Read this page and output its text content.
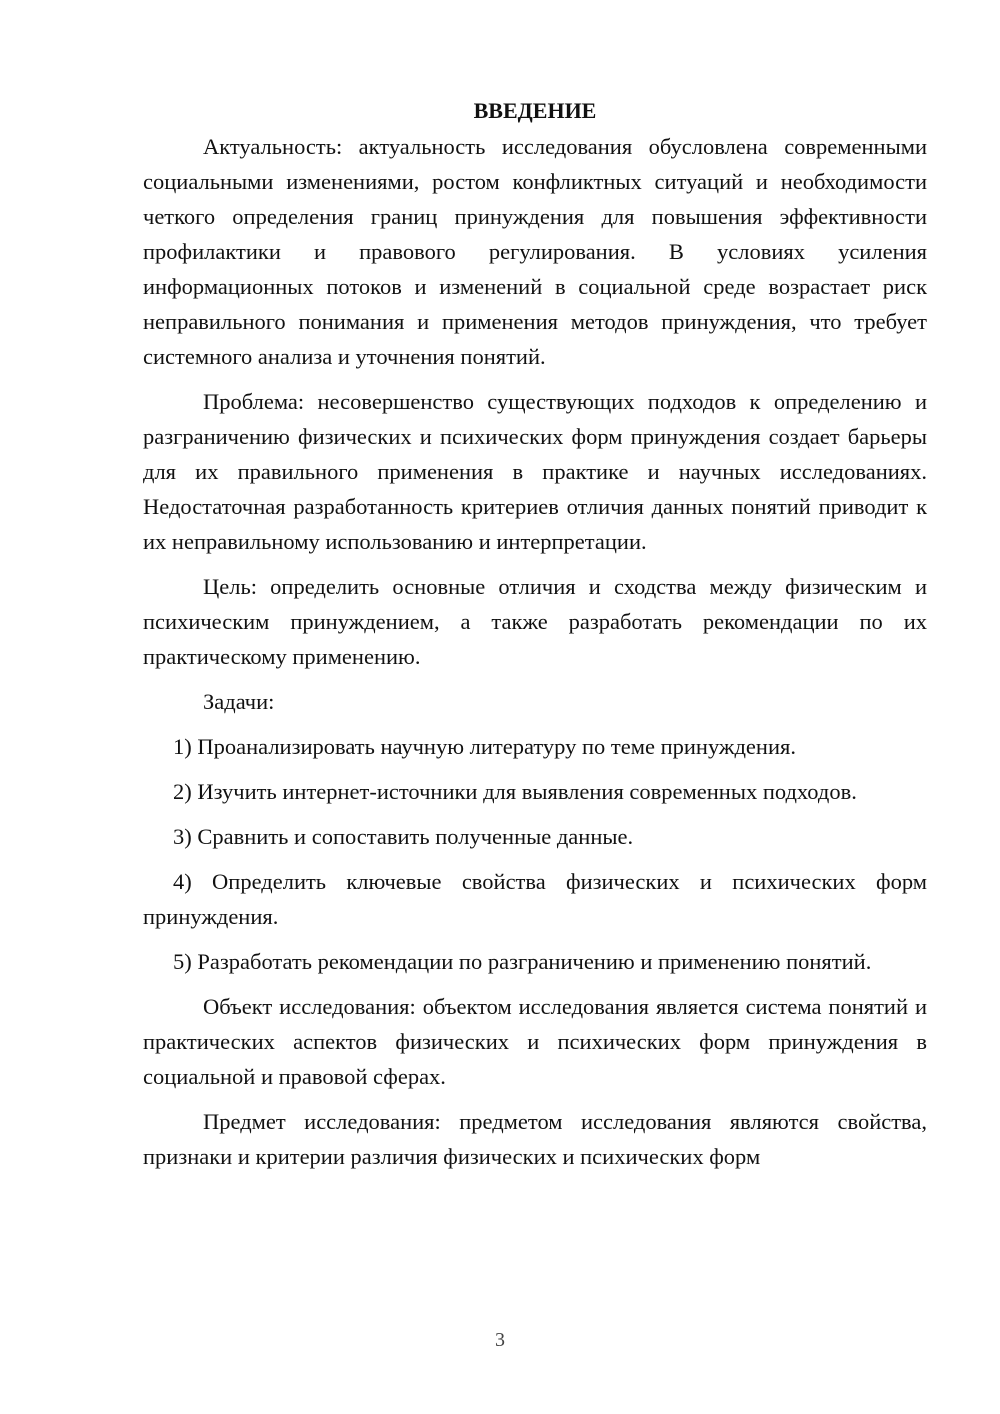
ВВЕДЕНИЕ

Актуальность: актуальность исследования обусловлена современными социальными изменениями, ростом конфликтных ситуаций и необходимости четкого определения границ принуждения для повышения эффективности профилактики и правового регулирования. В условиях усиления информационных потоков и изменений в социальной среде возрастает риск неправильного понимания и применения методов принуждения, что требует системного анализа и уточнения понятий.

Проблема: несовершенство существующих подходов к определению и разграничению физических и психических форм принуждения создает барьеры для их правильного применения в практике и научных исследованиях. Недостаточная разработанность критериев отличия данных понятий приводит к их неправильному использованию и интерпретации.

Цель: определить основные отличия и сходства между физическим и психическим принуждением, а также разработать рекомендации по их практическому применению.

Задачи:

1) Проанализировать научную литературу по теме принуждения.

2) Изучить интернет-источники для выявления современных подходов.

3) Сравнить и сопоставить полученные данные.

4) Определить ключевые свойства физических и психических форм принуждения.

5) Разработать рекомендации по разграничению и применению понятий.

Объект исследования: объектом исследования является система понятий и практических аспектов физических и психических форм принуждения в социальной и правовой сферах.

Предмет исследования: предметом исследования являются свойства, признаки и критерии различия физических и психических форм

3
